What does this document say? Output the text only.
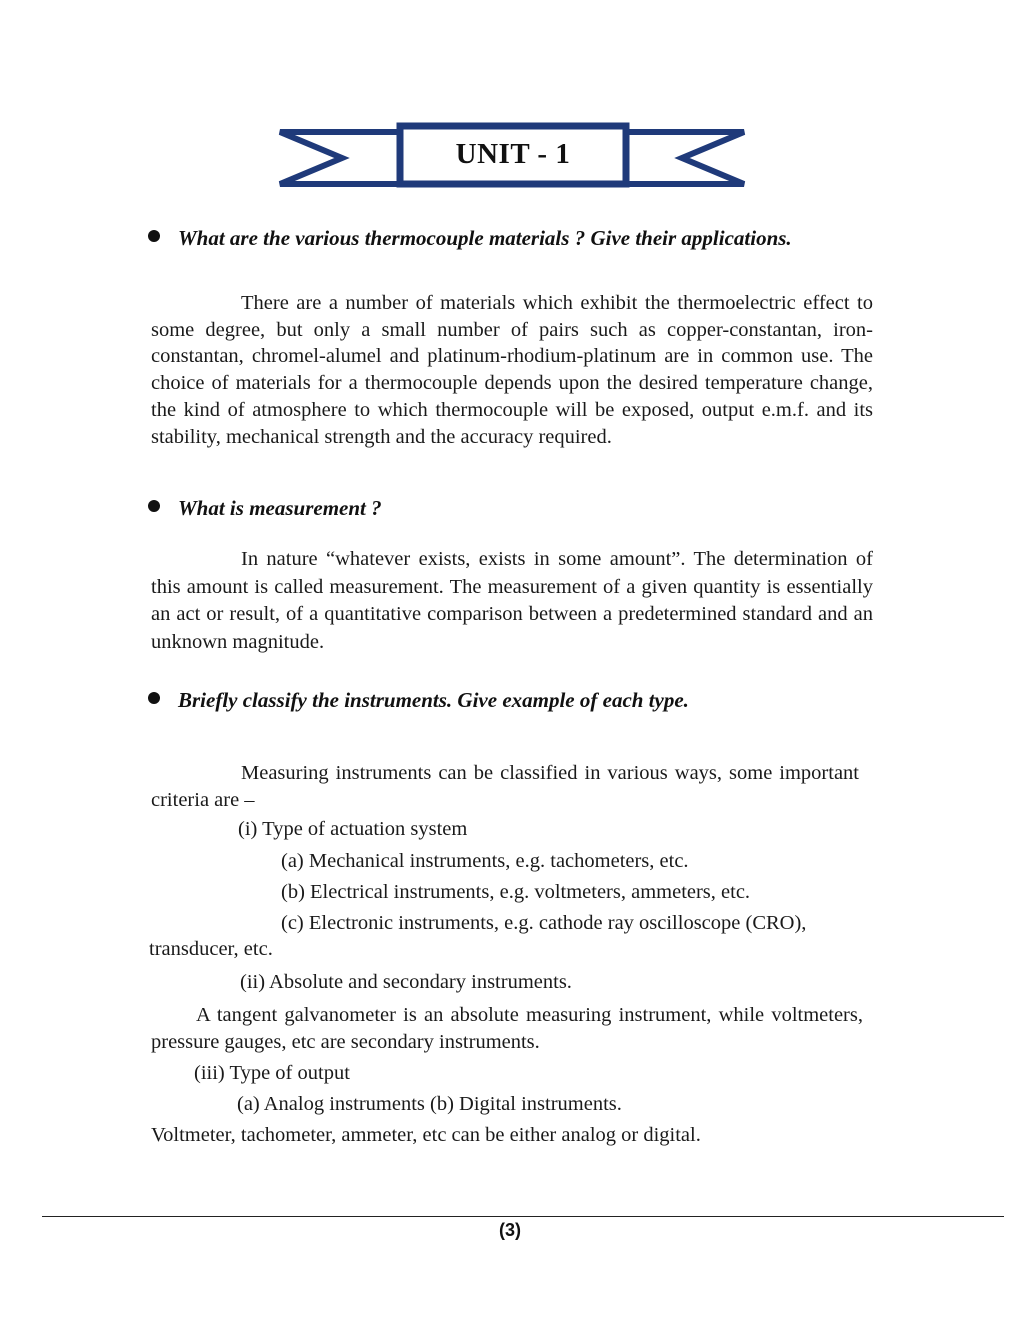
UNIT - 1
What are the various thermocouple materials ? Give their applications.

There are a number of materials which exhibit the thermoelectric effect to some degree, but only a small number of pairs such as copper-constantan, iron-constantan, chromel-alumel and platinum-rhodium-platinum are in common use. The choice of materials for a thermocouple depends upon the desired temperature change, the kind of atmosphere to which thermocouple will be exposed, output e.m.f. and its stability, mechanical strength and the accuracy required.

What is measurement ?

In nature “whatever exists, exists in some amount”. The determination of this amount is called measurement. The measurement of a given quantity is essentially an act or result, of a quantitative comparison between a predetermined standard and an unknown magnitude.

Briefly classify the instruments. Give example of each type.

Measuring instruments can be classified in various ways, some important criteria are –

(i) Type of actuation system
(a) Mechanical instruments, e.g. tachometers, etc.
(b) Electrical instruments, e.g. voltmeters, ammeters, etc.
(c) Electronic instruments, e.g. cathode ray oscilloscope (CRO),
transducer, etc.
(ii) Absolute and secondary instruments.

A tangent galvanometer is an absolute measuring instrument, while voltmeters, pressure gauges, etc are secondary instruments.

(iii) Type of output
(a) Analog instruments (b) Digital instruments.
Voltmeter, tachometer, ammeter, etc can be either analog or digital.
(3)
